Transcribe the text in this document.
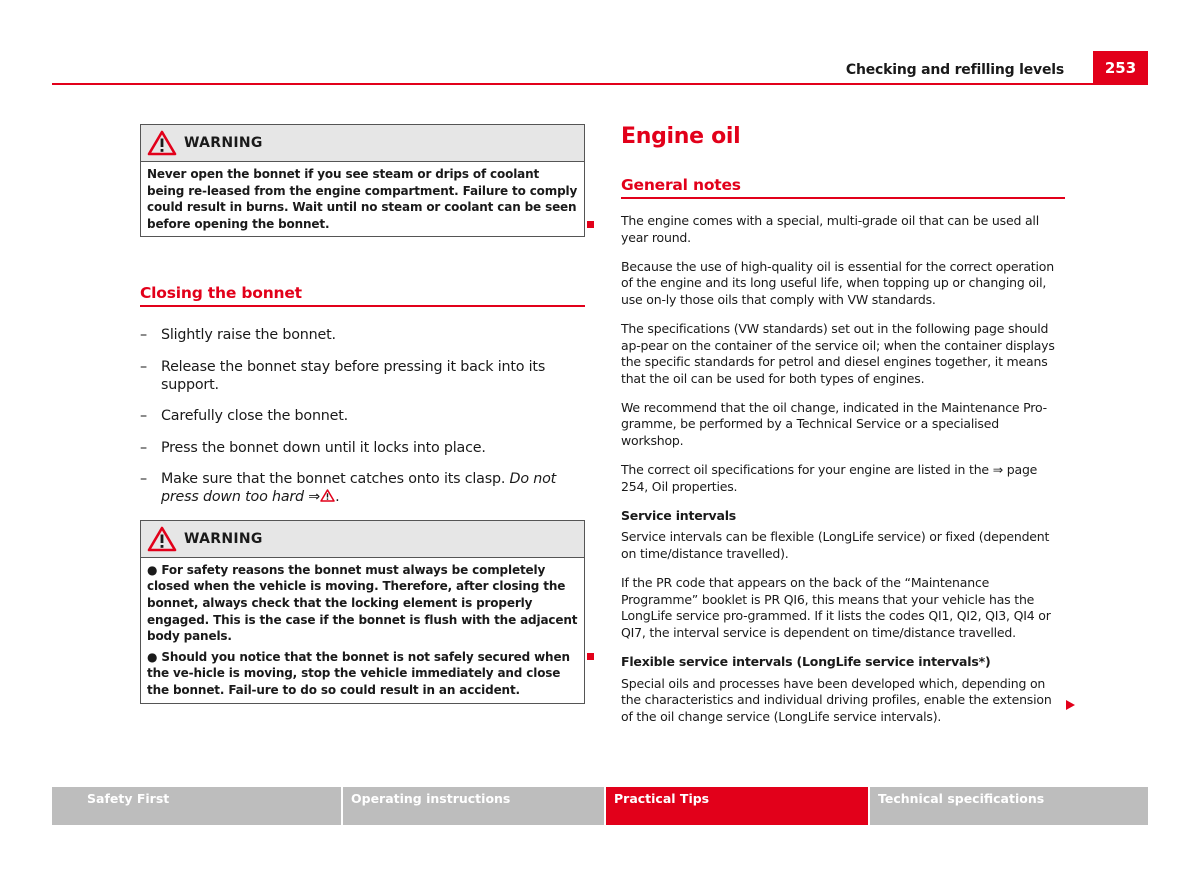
Checking and refilling levels	253
WARNING

Never open the bonnet if you see steam or drips of coolant being re-leased from the engine compartment. Failure to comply could result in burns. Wait until no steam or coolant can be seen before opening the bonnet.

Closing the bonnet
– Slightly raise the bonnet.
– Release the bonnet stay before pressing it back into its support.
– Carefully close the bonnet.
– Press the bonnet down until it locks into place.
– Make sure that the bonnet catches onto its clasp. Do not press down too hard ⇒ .
WARNING

● For safety reasons the bonnet must always be completely closed when the vehicle is moving. Therefore, after closing the bonnet, always check that the locking element is properly engaged. This is the case if the bonnet is flush with the adjacent body panels.

● Should you notice that the bonnet is not safely secured when the ve-hicle is moving, stop the vehicle immediately and close the bonnet. Fail-ure to do so could result in an accident.

Engine oil
General notes

The engine comes with a special, multi-grade oil that can be used all year round.

Because the use of high-quality oil is essential for the correct operation of the engine and its long useful life, when topping up or changing oil, use on-ly those oils that comply with VW standards.

The specifications (VW standards) set out in the following page should ap-pear on the container of the service oil; when the container displays the specific standards for petrol and diesel engines together, it means that the oil can be used for both types of engines.

We recommend that the oil change, indicated in the Maintenance Pro-gramme, be performed by a Technical Service or a specialised workshop.

The correct oil specifications for your engine are listed in the ⇒ page 254, Oil properties.

Service intervals

Service intervals can be flexible (LongLife service) or fixed (dependent on time/distance travelled).

If the PR code that appears on the back of the “Maintenance Programme” booklet is PR QI6, this means that your vehicle has the LongLife service pro-grammed. If it lists the codes QI1, QI2, QI3, QI4 or QI7, the interval service is dependent on time/distance travelled.

Flexible service intervals (LongLife service intervals*)

Special oils and processes have been developed which, depending on the characteristics and individual driving profiles, enable the extension of the oil change service (LongLife service intervals).

Safety First	Operating instructions	Practical Tips	Technical specifications
